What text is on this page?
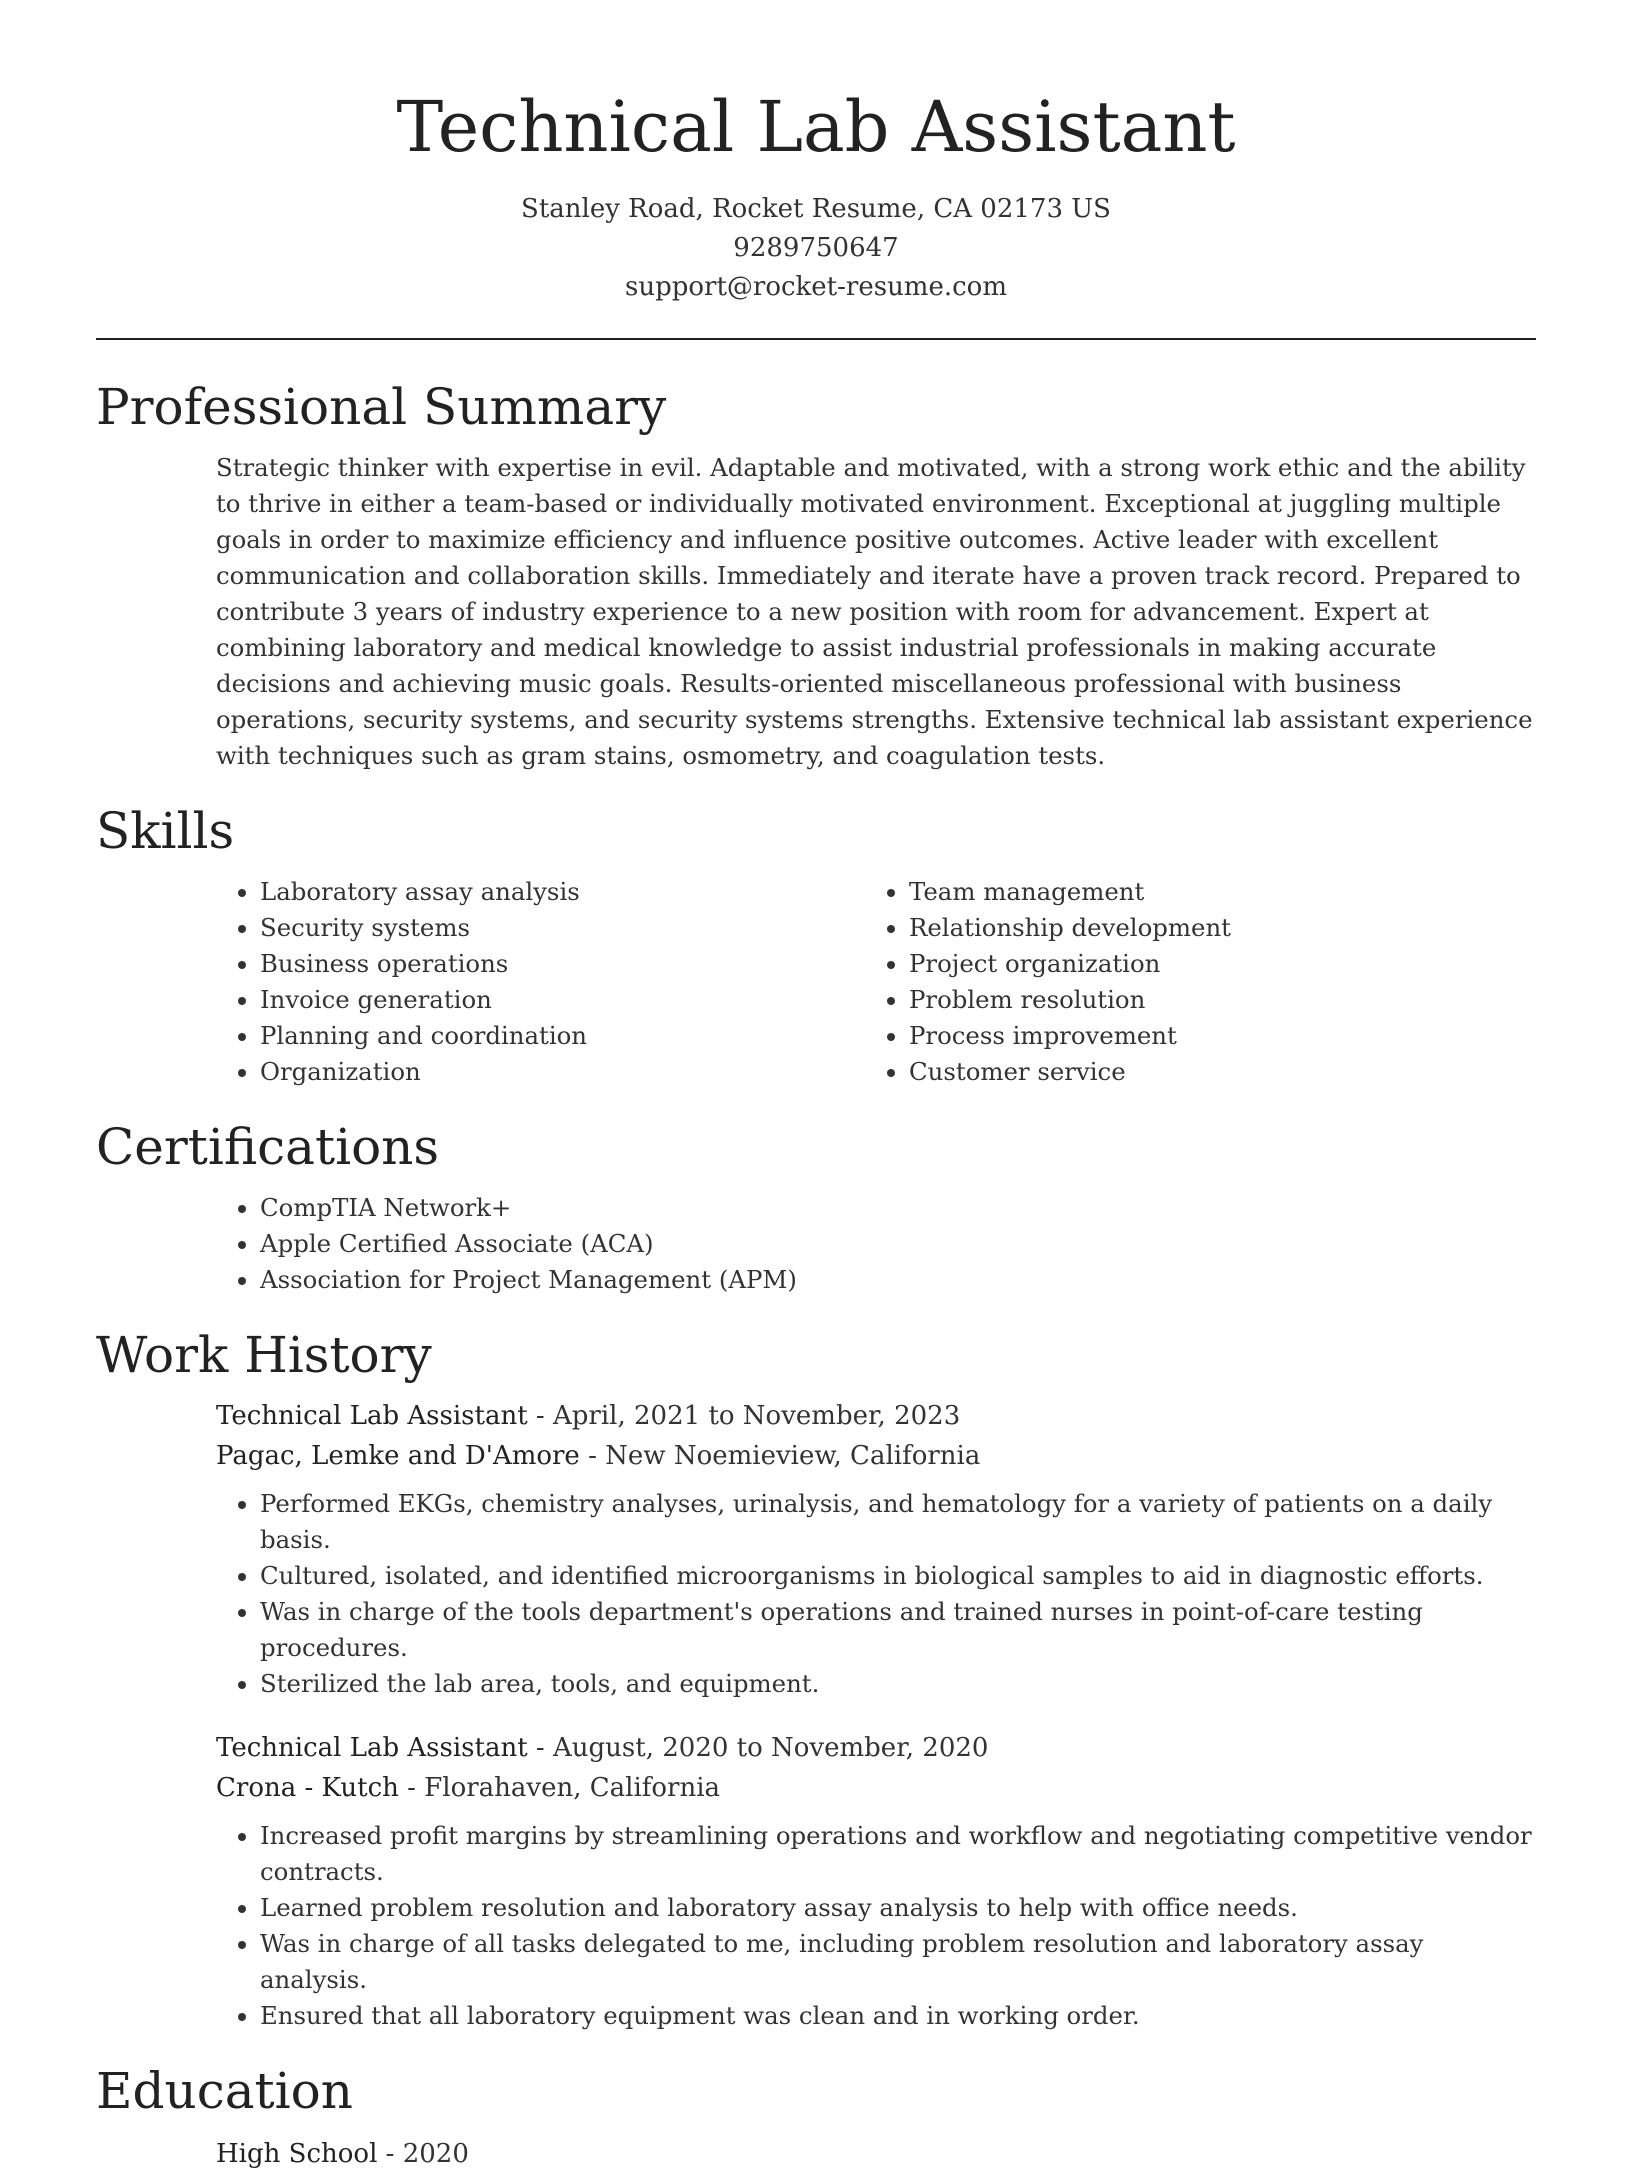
Technical Lab Assistant
Stanley Road, Rocket Resume, CA 02173 US
9289750647
support@rocket-resume.com
Professional Summary
Strategic thinker with expertise in evil. Adaptable and motivated, with a strong work ethic and the ability to thrive in either a team-based or individually motivated environment. Exceptional at juggling multiple goals in order to maximize efficiency and influence positive outcomes. Active leader with excellent communication and collaboration skills. Immediately and iterate have a proven track record. Prepared to contribute 3 years of industry experience to a new position with room for advancement. Expert at combining laboratory and medical knowledge to assist industrial professionals in making accurate decisions and achieving music goals. Results-oriented miscellaneous professional with business operations, security systems, and security systems strengths. Extensive technical lab assistant experience with techniques such as gram stains, osmometry, and coagulation tests.
Skills
• Laboratory assay analysis
• Security systems
• Business operations
• Invoice generation
• Planning and coordination
• Organization
• Team management
• Relationship development
• Project organization
• Problem resolution
• Process improvement
• Customer service
Certifications
• CompTIA Network+
• Apple Certified Associate (ACA)
• Association for Project Management (APM)
Work History
Technical Lab Assistant - April, 2021 to November, 2023
Pagac, Lemke and D'Amore - New Noemieview, California
• Performed EKGs, chemistry analyses, urinalysis, and hematology for a variety of patients on a daily basis.
• Cultured, isolated, and identified microorganisms in biological samples to aid in diagnostic efforts.
• Was in charge of the tools department's operations and trained nurses in point-of-care testing procedures.
• Sterilized the lab area, tools, and equipment.
Technical Lab Assistant - August, 2020 to November, 2020
Crona - Kutch - Florahaven, California
• Increased profit margins by streamlining operations and workflow and negotiating competitive vendor contracts.
• Learned problem resolution and laboratory assay analysis to help with office needs.
• Was in charge of all tasks delegated to me, including problem resolution and laboratory assay analysis.
• Ensured that all laboratory equipment was clean and in working order.
Education
High School - 2020
